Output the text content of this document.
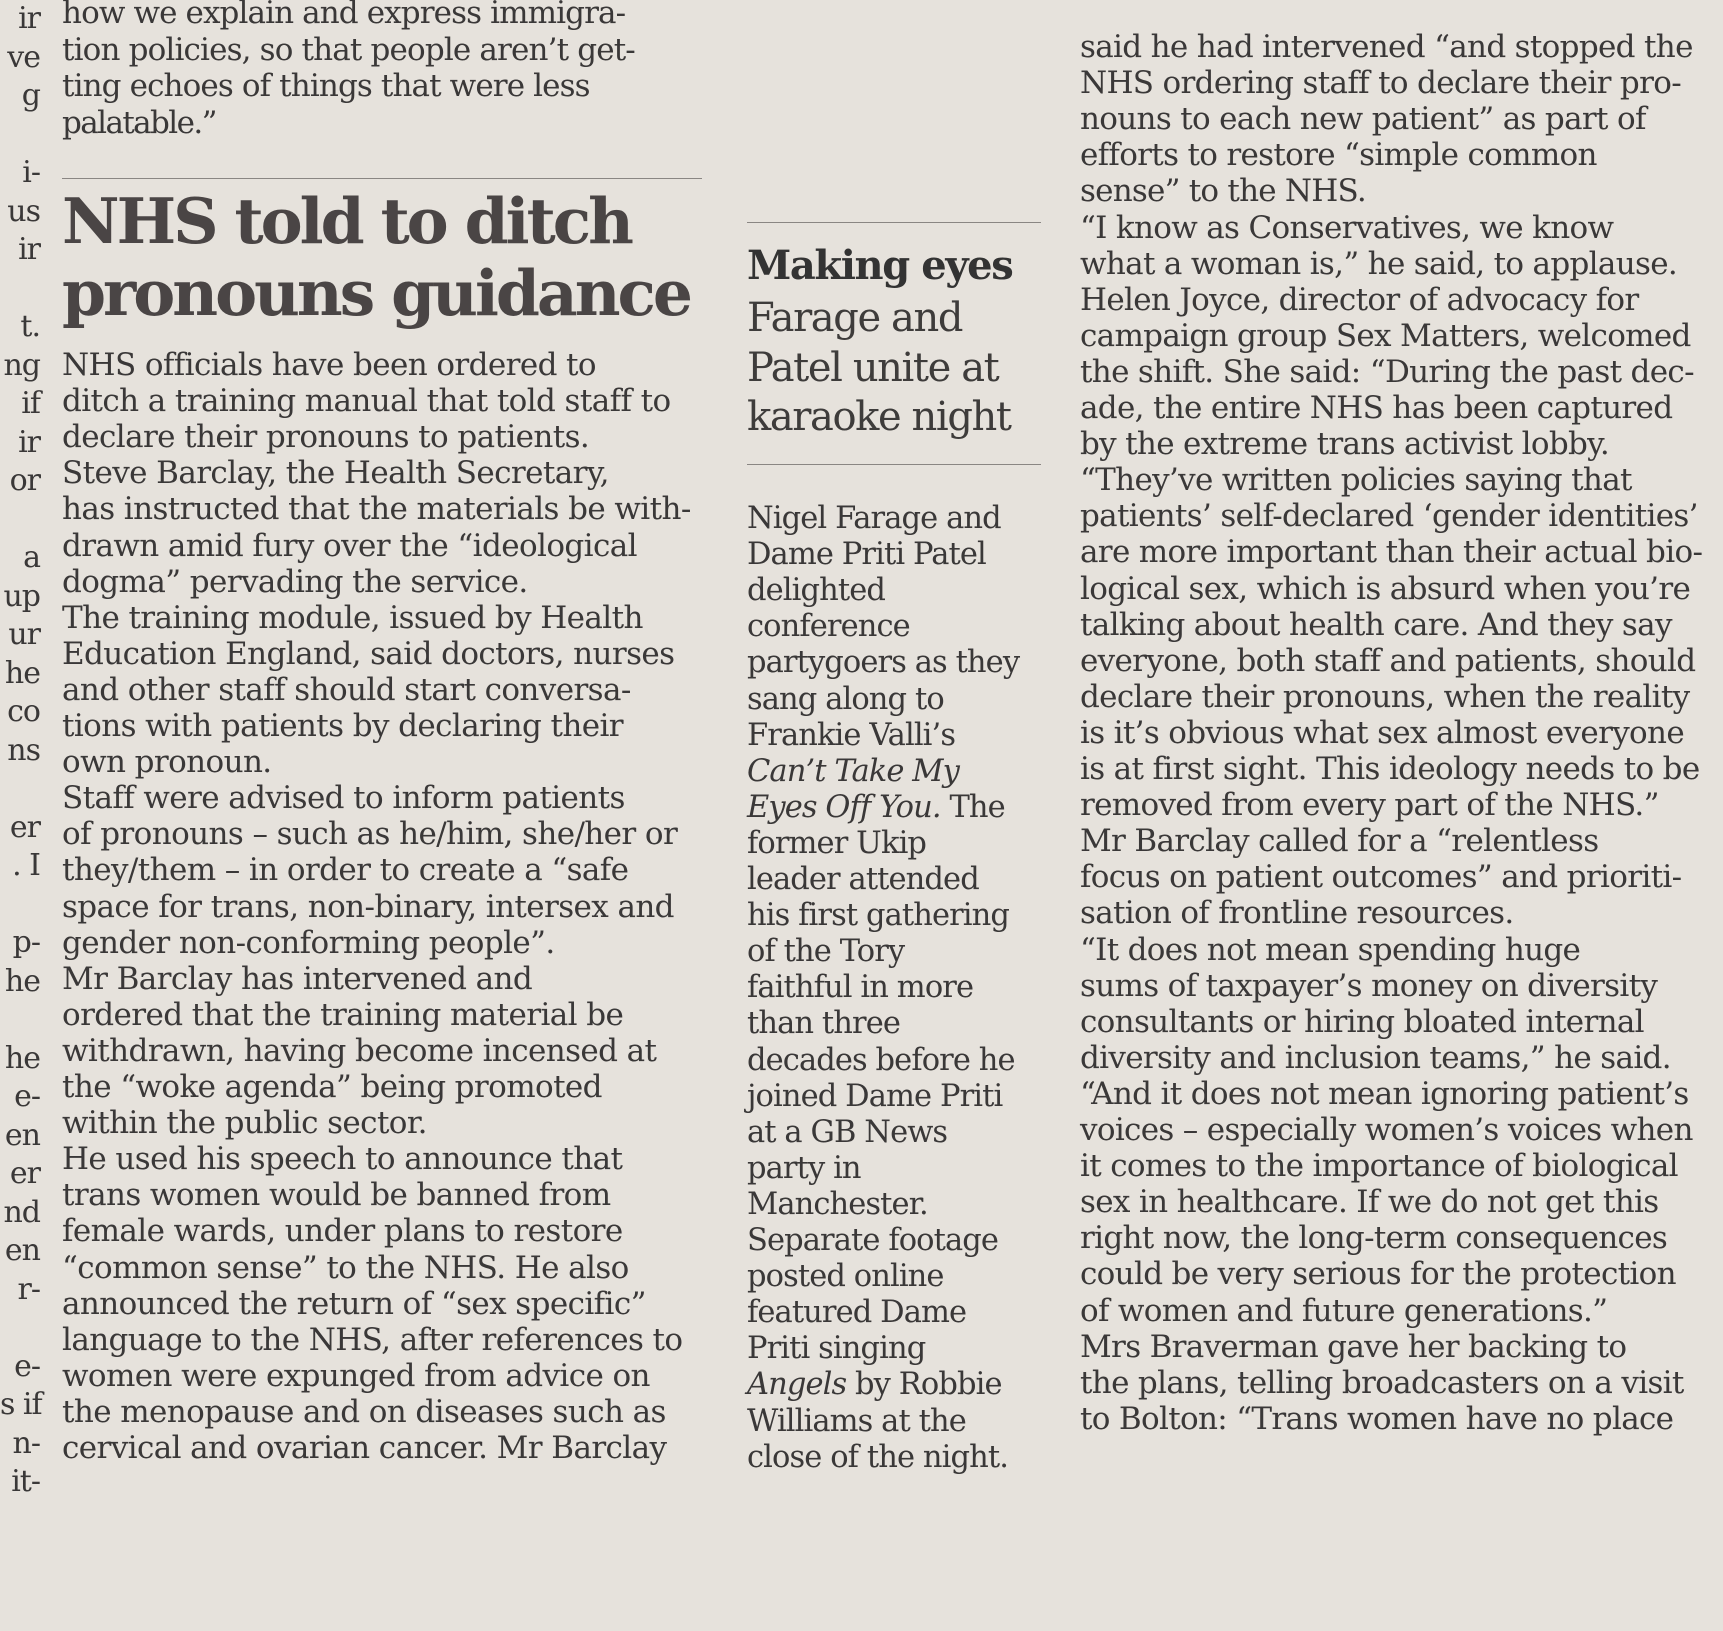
ir
ve
g
i-
us
ir
t.
ng
if
ir
or
a
up
ur
he
co
ns
er
. I
p-
he
he
e-
en
er
nd
en
r-
e-
s if
n-
it-
how we explain and express immigra-
tion policies, so that people aren’t get-
ting echoes of things that were less
palatable.”
NHS told to ditch
pronouns guidance
NHS officials have been ordered to
ditch a training manual that told staff to
declare their pronouns to patients.
Steve Barclay, the Health Secretary,
has instructed that the materials be with-
drawn amid fury over the “ideological
dogma” pervading the service.
The training module, issued by Health
Education England, said doctors, nurses
and other staff should start conversa-
tions with patients by declaring their
own pronoun.
Staff were advised to inform patients
of pronouns – such as he/him, she/her or
they/them – in order to create a “safe
space for trans, non-binary, intersex and
gender non-conforming people”.
Mr Barclay has intervened and
ordered that the training material be
withdrawn, having become incensed at
the “woke agenda” being promoted
within the public sector.
He used his speech to announce that
trans women would be banned from
female wards, under plans to restore
“common sense” to the NHS. He also
announced the return of “sex specific”
language to the NHS, after references to
women were expunged from advice on
the menopause and on diseases such as
cervical and ovarian cancer. Mr Barclay
Making eyes
Farage and
Patel unite at
karaoke night
Nigel Farage and
Dame Priti Patel
delighted
conference
partygoers as they
sang along to
Frankie Valli’s
Can’t Take My
Eyes Off You. The
former Ukip
leader attended
his first gathering
of the Tory
faithful in more
than three
decades before he
joined Dame Priti
at a GB News
party in
Manchester.
Separate footage
posted online
featured Dame
Priti singing
Angels by Robbie
Williams at the
close of the night.
said he had intervened “and stopped the
NHS ordering staff to declare their pro-
nouns to each new patient” as part of
efforts to restore “simple common
sense” to the NHS.
“I know as Conservatives, we know
what a woman is,” he said, to applause.
Helen Joyce, director of advocacy for
campaign group Sex Matters, welcomed
the shift. She said: “During the past dec-
ade, the entire NHS has been captured
by the extreme trans activist lobby.
“They’ve written policies saying that
patients’ self-declared ‘gender identities’
are more important than their actual bio-
logical sex, which is absurd when you’re
talking about health care. And they say
everyone, both staff and patients, should
declare their pronouns, when the reality
is it’s obvious what sex almost everyone
is at first sight. This ideology needs to be
removed from every part of the NHS.”
Mr Barclay called for a “relentless
focus on patient outcomes” and prioriti-
sation of frontline resources.
“It does not mean spending huge
sums of taxpayer’s money on diversity
consultants or hiring bloated internal
diversity and inclusion teams,” he said.
“And it does not mean ignoring patient’s
voices – especially women’s voices when
it comes to the importance of biological
sex in healthcare. If we do not get this
right now, the long-term consequences
could be very serious for the protection
of women and future generations.”
Mrs Braverman gave her backing to
the plans, telling broadcasters on a visit
to Bolton: “Trans women have no place
